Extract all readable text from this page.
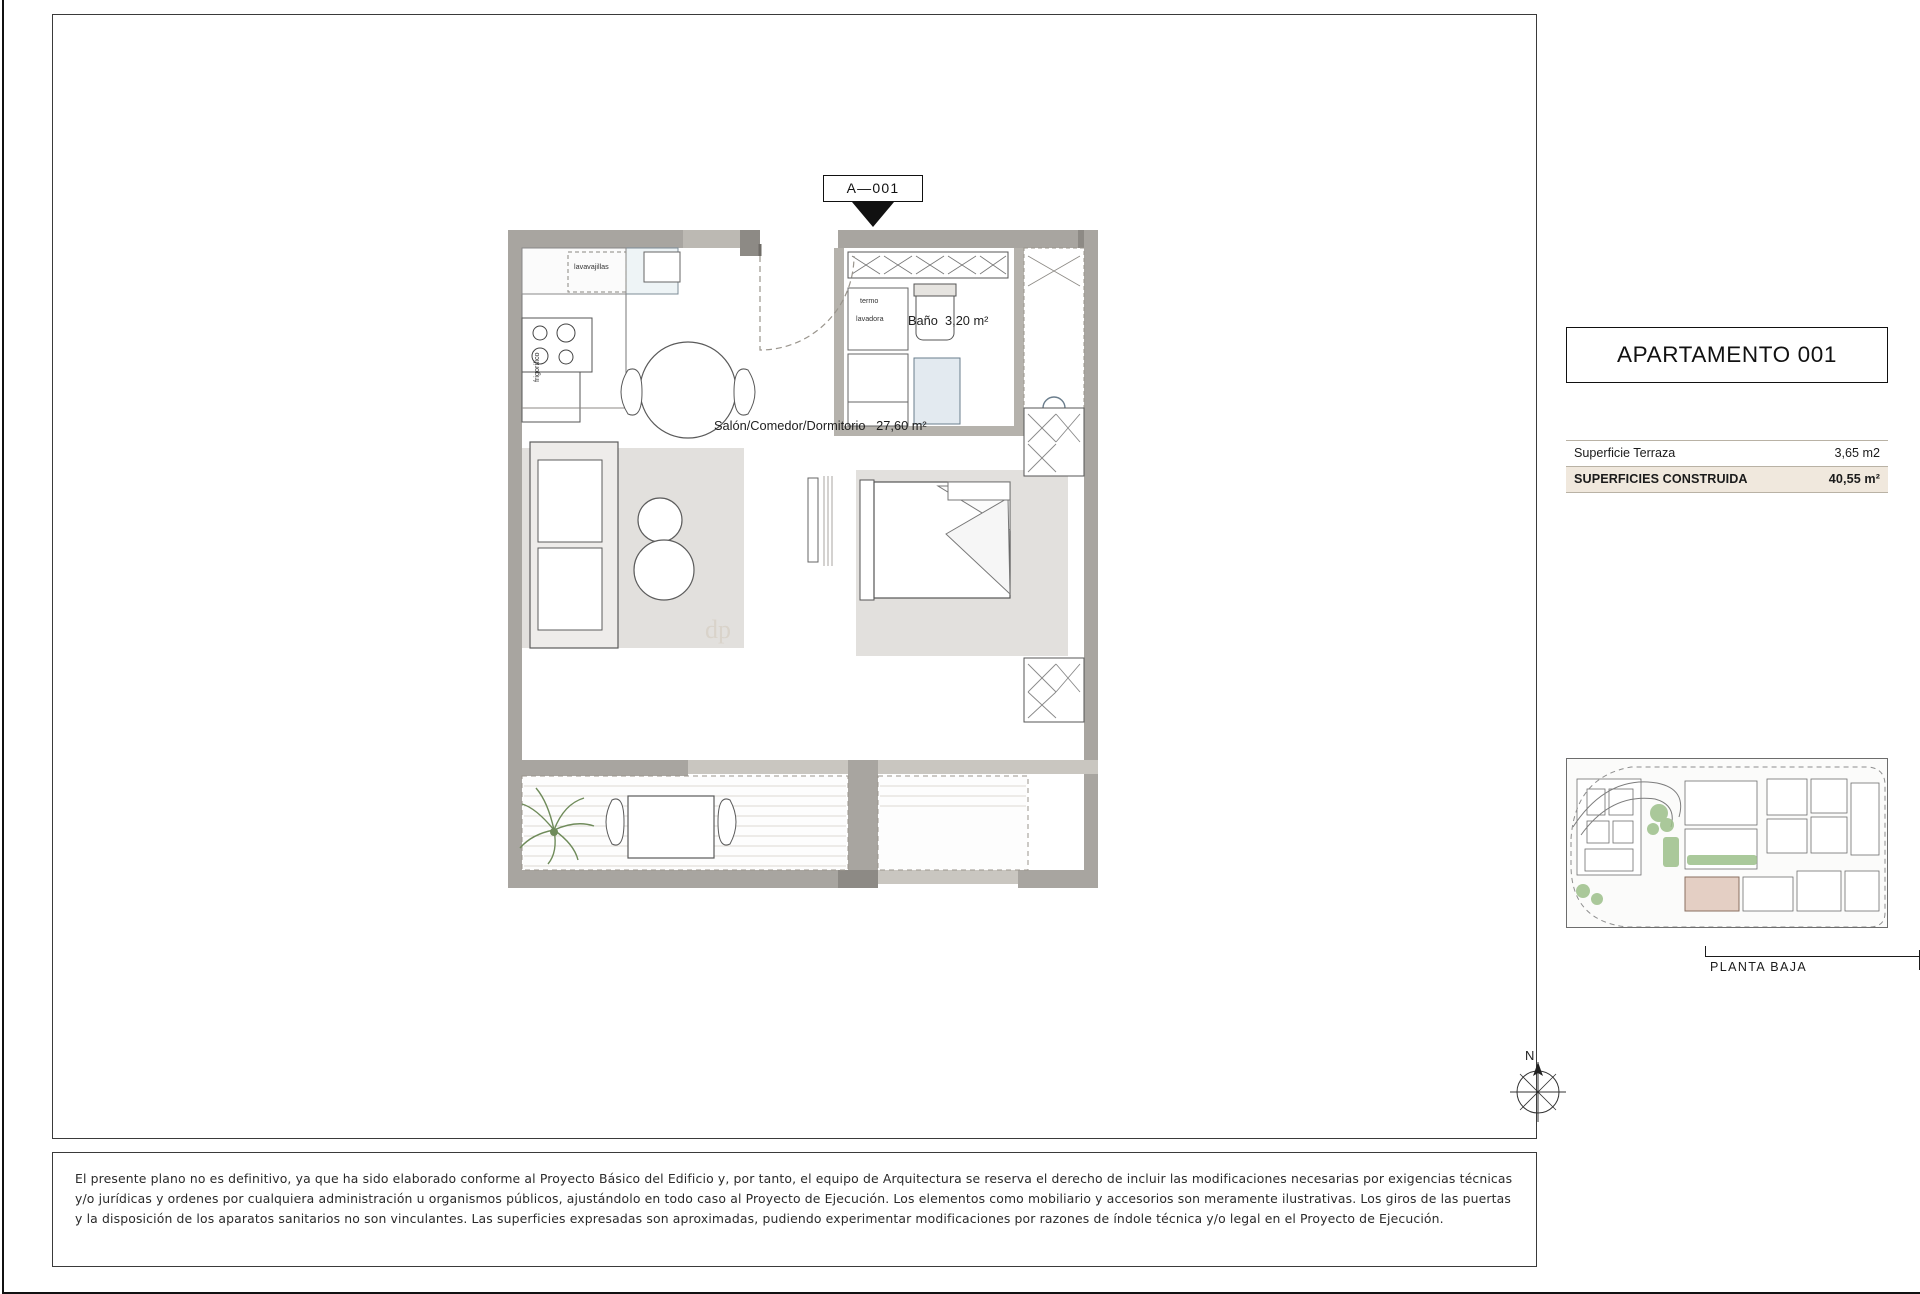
A—001
Salón/Comedor/Dormitorio 27,60 m²
Baño 3,20 m²
lavavajillas
frigorífico
termo
lavadora
dp
N
El presente plano no es definitivo, ya que ha sido elaborado conforme al Proyecto Básico del Edificio y, por tanto, el equipo de Arquitectura se reserva el derecho de incluir las modificaciones necesarias por exigencias técnicas y/o jurídicas y ordenes por cualquiera administración u organismos públicos, ajustándolo en todo caso al Proyecto de Ejecución. Los elementos como mobiliario y accesorios son meramente ilustrativas. Los giros de las puertas y la disposición de los aparatos sanitarios no son vinculantes. Las superficies expresadas son aproximadas, pudiendo experimentar modificaciones por razones de índole técnica y/o legal en el Proyecto de Ejecución.
APARTAMENTO 001
Superficie Terraza	3,65 m2
SUPERFICIES CONSTRUIDA	40,55 m²
PLANTA BAJA
